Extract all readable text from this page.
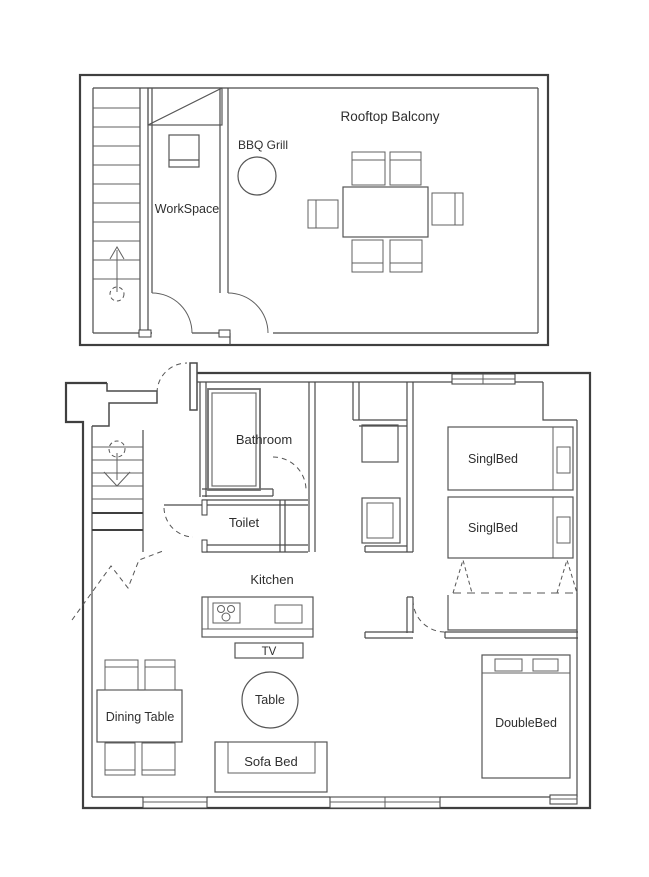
WorkSpace
Rooftop Balcony
BBQ Grill
Bathroom
Toilet
Kitchen
TV
Table
Sofa Bed
Dining Table
SinglBed
SinglBed
DoubleBed
